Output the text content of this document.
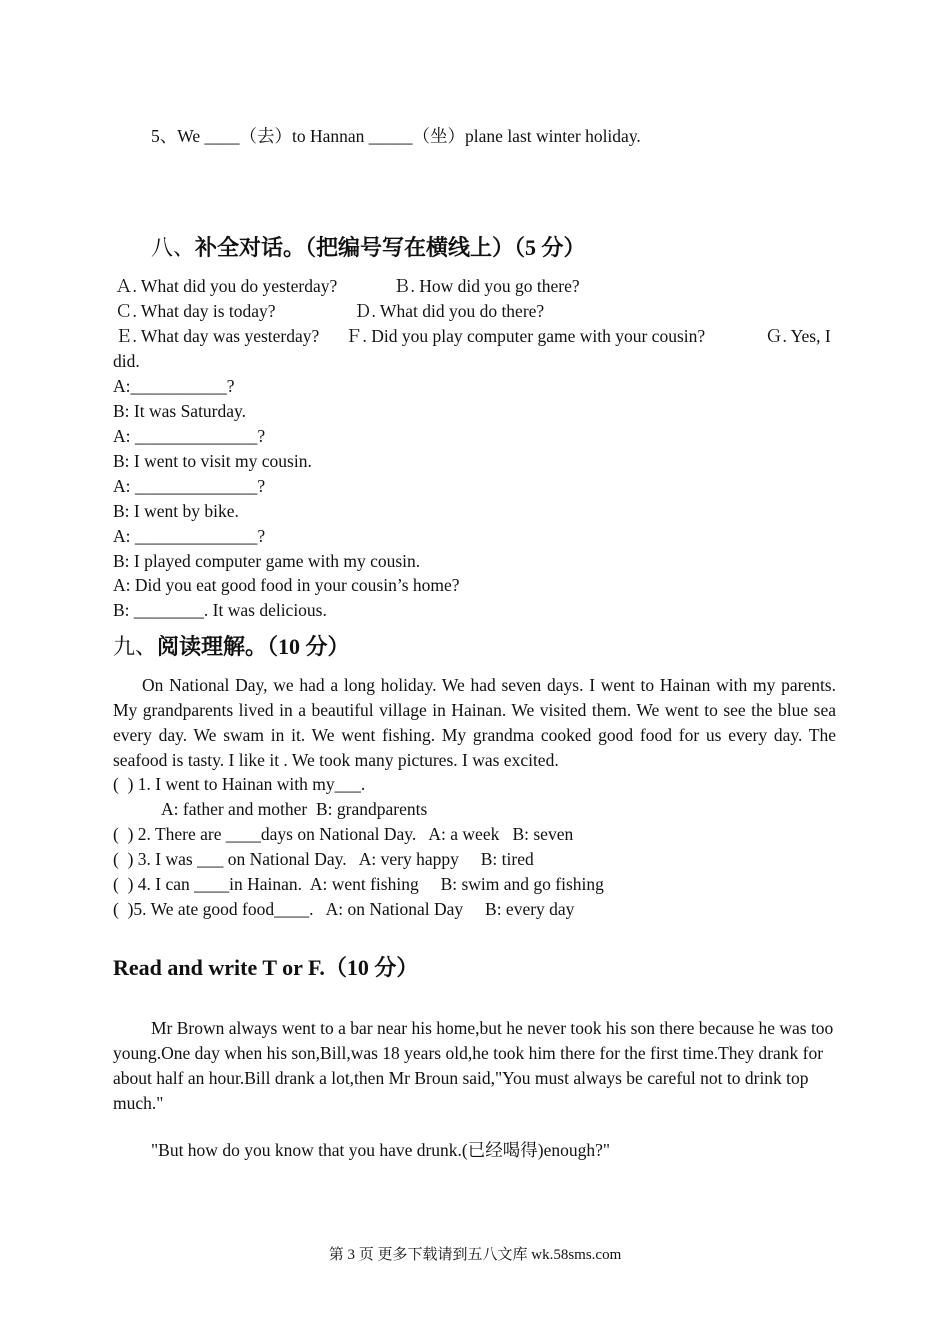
5、We ____（去）to Hannan _____（坐）plane last winter holiday.
八、补全对话。（把编号写在横线上）（5 分）
Ａ. What did you do yesterday?	Ｂ. How did you go there?
Ｃ. What day is today?	Ｄ. What did you do there?
Ｅ. What day was yesterday? Ｆ. Did you play computer game with your cousin?	Ｇ. Yes, I
did.
A:___________?
B: It was Saturday.
A: ______________?
B: I went to visit my cousin.
A: ______________?
B: I went by bike.
A: ______________?
B: I played computer game with my cousin.
A: Did you eat good food in your cousin’s home?
B: ________. It was delicious.
九、阅读理解。（10 分）
On National Day, we had a long holiday. We had seven days. I went to Hainan with my parents. My grandparents lived in a beautiful village in Hainan. We visited them. We went to see the blue sea every day. We swam in it. We went fishing. My grandma cooked good food for us every day. The seafood is tasty. I like it . We took many pictures. I was excited.
(  ) 1. I went to Hainan with my___.
A: father and mother  B: grandparents
(  ) 2. There are ____days on National Day.   A: a week   B: seven
(  ) 3. I was ___ on National Day.   A: very happy     B: tired
(  ) 4. I can ____in Hainan.  A: went fishing     B: swim and go fishing
(  )5. We ate good food____.   A: on National Day     B: every day
Read and write T or F.（10 分）
Mr Brown always went to a bar near his home,but he never took his son there because he was too young.One day when his son,Bill,was 18 years old,he took him there for the first time.They drank for about half an hour.Bill drank a lot,then Mr Broun said,"You must always be careful not to drink top much."
"But how do you know that you have drunk.(已经喝得)enough?"
第 3 页 更多下载请到五八文库 wk.58sms.com
